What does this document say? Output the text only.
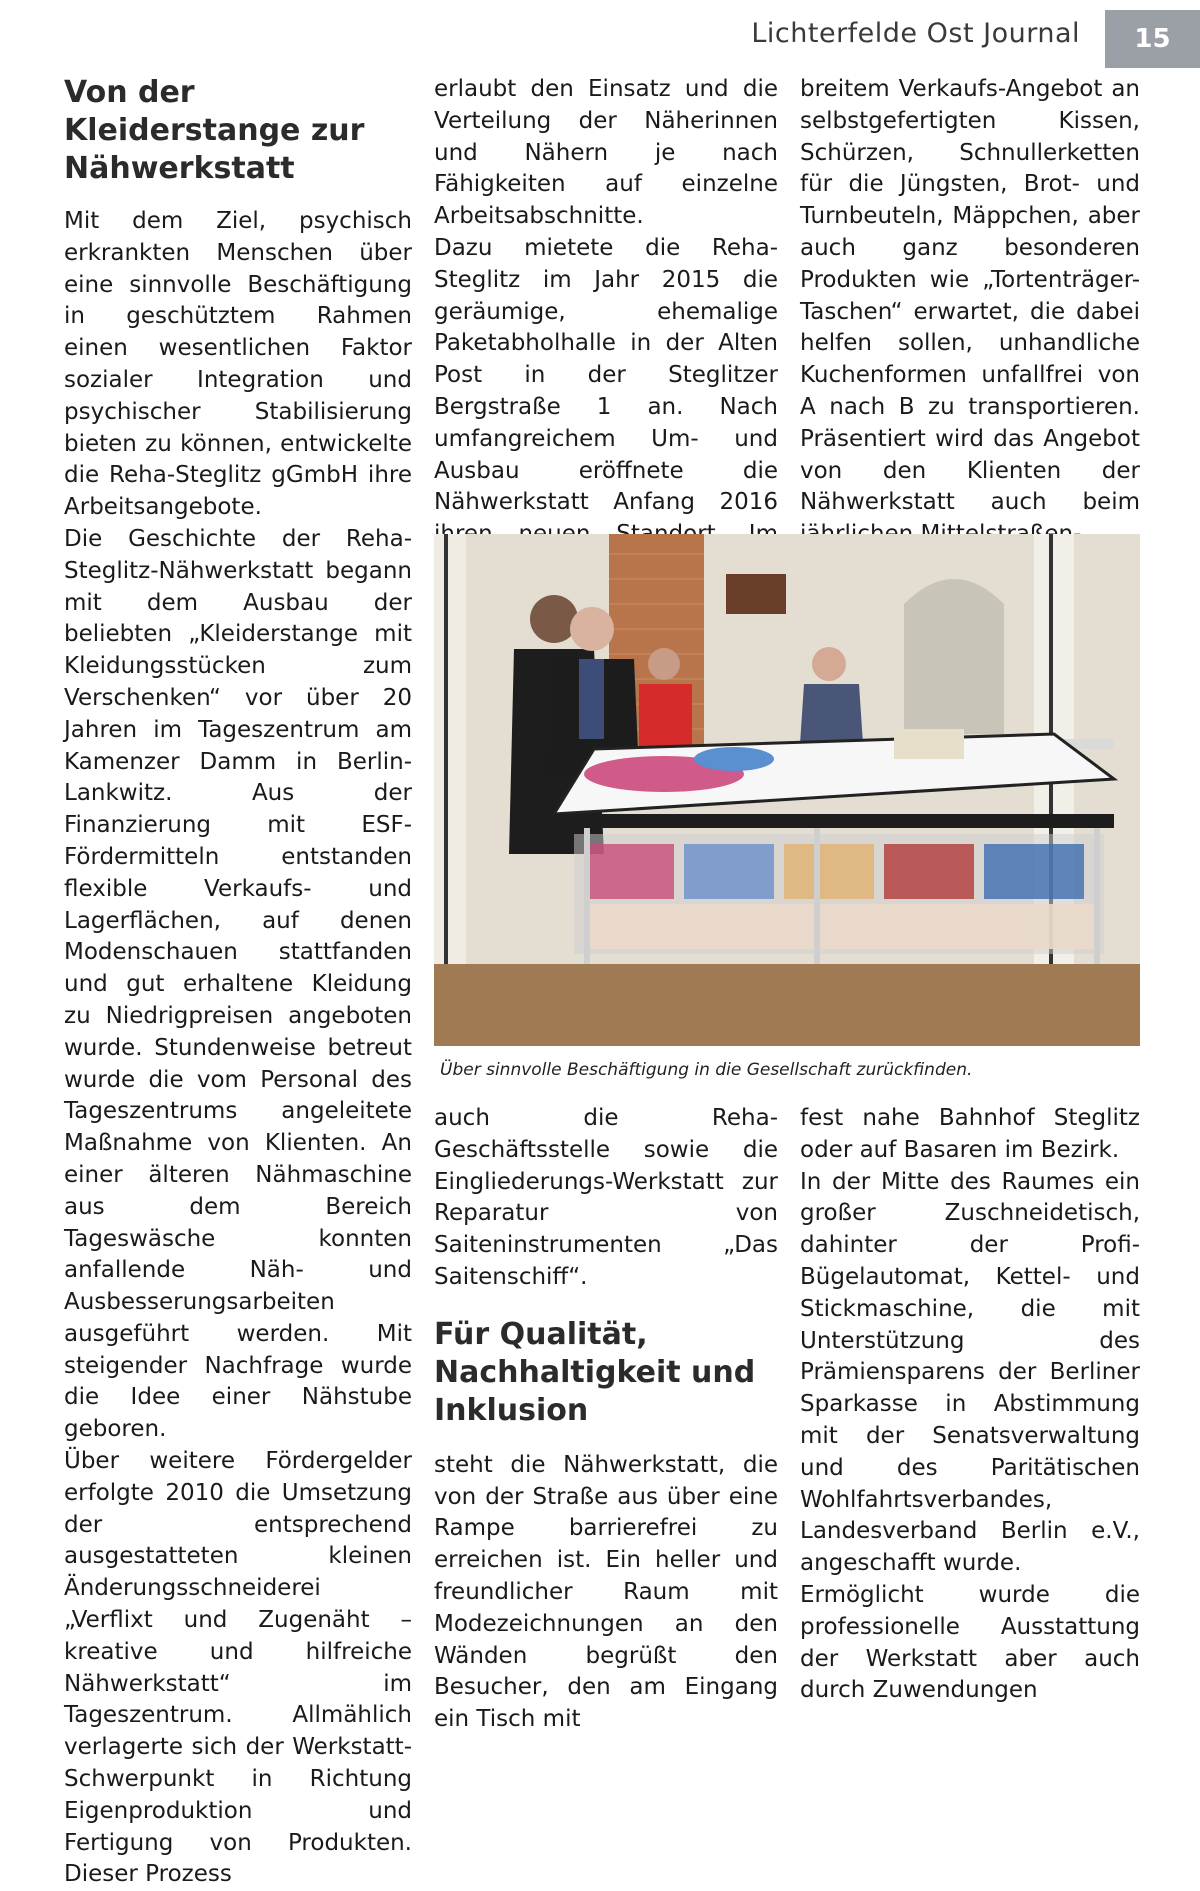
Lichterfelde Ost Journal	15
Von der Kleiderstange zur Nähwerkstatt

Mit dem Ziel, psychisch erkrankten Menschen über eine sinnvolle Beschäftigung in geschütztem Rahmen einen wesentlichen Faktor sozialer Integration und psychischer Stabilisierung bieten zu können, entwickelte die Reha-Steglitz gGmbH ihre Arbeitsangebote.

Die Geschichte der Reha-Steglitz-Nähwerkstatt begann mit dem Ausbau der beliebten „Kleiderstange mit Kleidungsstücken zum Verschenken“ vor über 20 Jahren im Tageszentrum am Kamenzer Damm in Berlin-Lankwitz. Aus der Finanzierung mit ESF-Fördermitteln entstanden flexible Verkaufs- und Lagerflächen, auf denen Modenschauen stattfanden und gut erhaltene Kleidung zu Niedrigpreisen angeboten wurde. Stundenweise betreut wurde die vom Personal des Tageszentrums angeleitete Maßnahme von Klienten. An einer älteren Nähmaschine aus dem Bereich Tageswäsche konnten anfallende Näh- und Ausbesserungsarbeiten ausgeführt werden. Mit steigender Nachfrage wurde die Idee einer Nähstube geboren.

Über weitere Fördergelder erfolgte 2010 die Umsetzung der entsprechend ausgestatteten kleinen Änderungsschneiderei „Verflixt und Zugenäht – kreative und hilfreiche Nähwerkstatt“ im Tageszentrum. Allmählich verlagerte sich der Werkstatt-Schwerpunkt in Richtung Eigenproduktion und Fertigung von Produkten. Dieser Prozess

erlaubt den Einsatz und die Verteilung der Näherinnen und Nähern je nach Fähigkeiten auf einzelne Arbeitsabschnitte.

Dazu mietete die Reha-Steglitz im Jahr 2015 die geräumige, ehemalige Paketabholhalle in der Alten Post in der Steglitzer Bergstraße 1 an. Nach umfangreichem Um- und Ausbau eröffnete die Nähwerkstatt Anfang 2016

breitem Verkaufs-Angebot an selbstgefertigten Kissen, Schürzen, Schnullerketten für die Jüngsten, Brot- und Turnbeuteln, Mäppchen, aber auch ganz besonderen Produkten wie „Tortenträger-Taschen“ erwartet, die dabei helfen sollen, unhandliche Kuchenformen unfallfrei von A nach B zu transportieren. Präsentiert wird das Angebot von den Klienten der Nähwerkstatt auch beim

Über sinnvolle Beschäftigung in die Gesellschaft zurückfinden.

auch die Reha-Geschäftsstelle sowie die Eingliederungs-Werkstatt zur Reparatur von Saiteninstrumenten „Das Saitenschiff“.

Für Qualität, Nachhaltigkeit und Inklusion

steht die Nähwerkstatt, die von der Straße aus über eine Rampe barrierefrei zu erreichen ist. Ein heller und freundlicher Raum mit Modezeichnungen an den Wänden begrüßt den Besucher, den am Eingang ein Tisch mit

fest nahe Bahnhof Steglitz oder auf Basaren im Bezirk.

In der Mitte des Raumes ein großer Zuschneidetisch, dahinter der Profi-Bügelautomat, Kettel- und Stickmaschine, die mit Unterstützung des Prämiensparens der Berliner Sparkasse in Abstimmung mit der Senatsverwaltung und des Paritätischen Wohlfahrtsverbandes, Landesverband Berlin e.V., angeschafft wurde.

Ermöglicht wurde die professionelle Ausstattung der Werkstatt aber auch durch Zuwendungen
